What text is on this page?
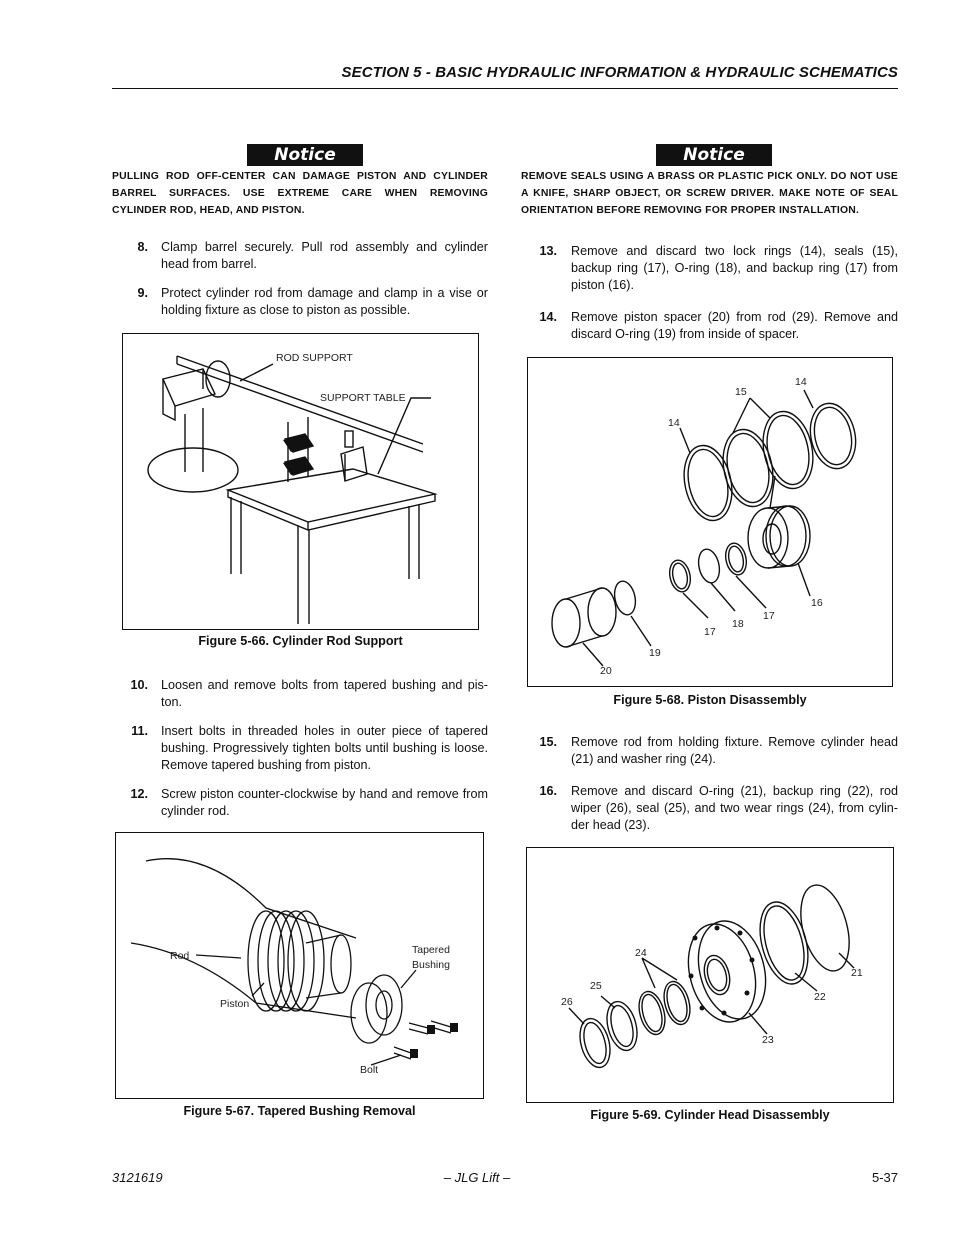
SECTION 5 - BASIC HYDRAULIC INFORMATION & HYDRAULIC SCHEMATICS
Notice
PULLING ROD OFF-CENTER CAN DAMAGE PISTON AND CYLINDER BARREL SURFACES. USE EXTREME CARE WHEN REMOVING CYLINDER ROD, HEAD, AND PISTON.
8. Clamp barrel securely. Pull rod assembly and cylinder head from barrel.
9. Protect cylinder rod from damage and clamp in a vise or holding fixture as close to piston as possible.
ROD SUPPORT
SUPPORT TABLE
Figure 5-66. Cylinder Rod Support
10. Loosen and remove bolts from tapered bushing and pis-ton.
11. Insert bolts in threaded holes in outer piece of tapered bushing. Progressively tighten bolts until bushing is loose. Remove tapered bushing from piston.
12. Screw piston counter-clockwise by hand and remove from cylinder rod.
Rod	Tapered
Bushing
Piston
Bolt
Figure 5-67. Tapered Bushing Removal
Notice
REMOVE SEALS USING A BRASS OR PLASTIC PICK ONLY. DO NOT USE A KNIFE, SHARP OBJECT, OR SCREW DRIVER. MAKE NOTE OF SEAL ORIENTATION BEFORE REMOVING FOR PROPER INSTALLATION.
13. Remove and discard two lock rings (14), seals (15), backup ring (17), O-ring (18), and backup ring (17) from piston (16).
14. Remove piston spacer (20) from rod (29). Remove and discard O-ring (19) from inside of spacer.
14
15
14
16
17
18
17
19
20
Figure 5-68. Piston Disassembly
15. Remove rod from holding fixture. Remove cylinder head (21) and washer ring (24).
16. Remove and discard O-ring (21), backup ring (22), rod wiper (26), seal (25), and two wear rings (24), from cylin-der head (23).
24
25
26
21
22
23
Figure 5-69. Cylinder Head Disassembly
3121619	– JLG Lift –	5-37
